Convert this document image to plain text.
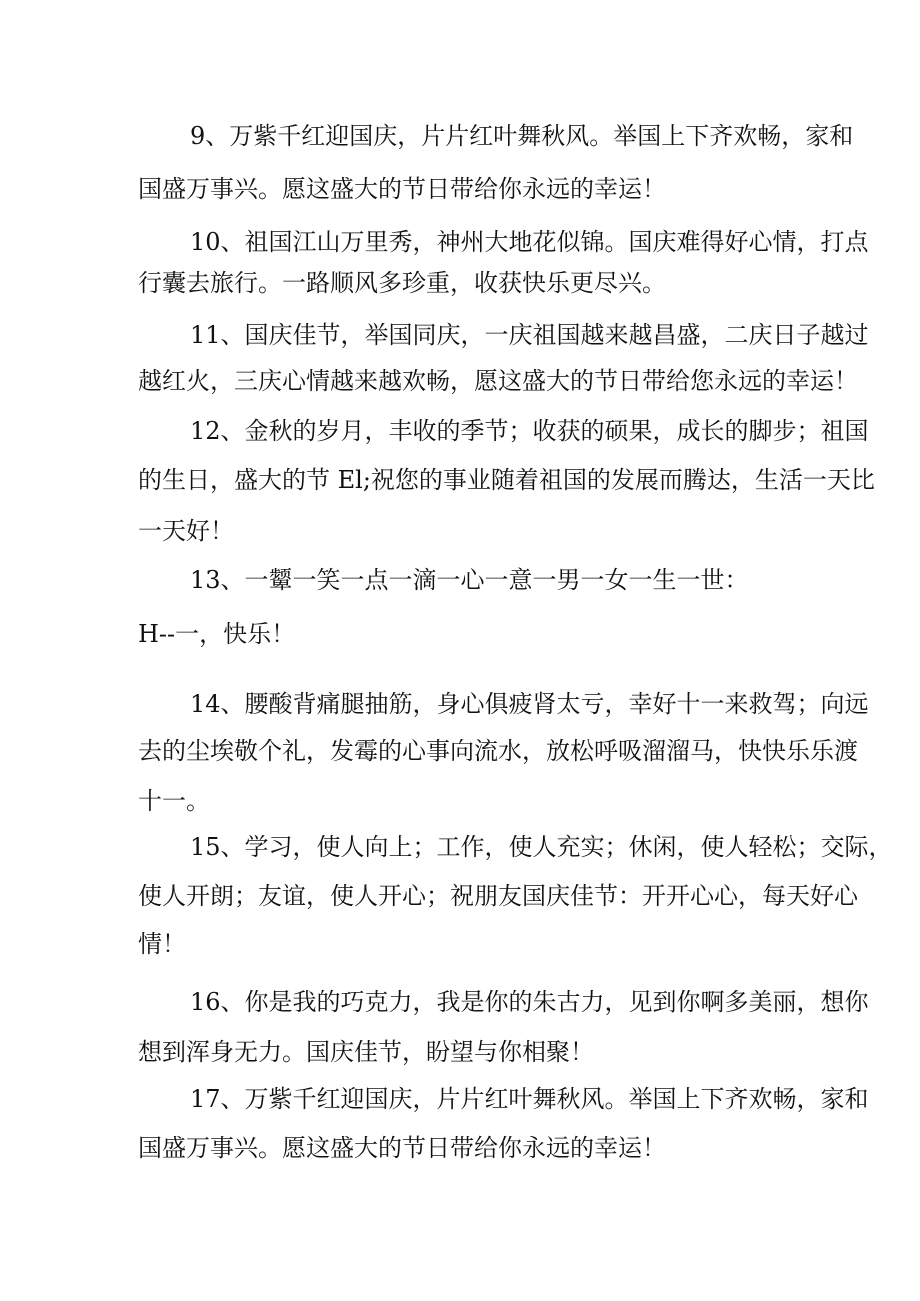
9、万紫千红迎国庆，片片红叶舞秋风。举国上下齐欢畅，家和
国盛万事兴。愿这盛大的节日带给你永远的幸运！
10、祖国江山万里秀，神州大地花似锦。国庆难得好心情，打点
行囊去旅行。一路顺风多珍重，收获快乐更尽兴。
11、国庆佳节，举国同庆，一庆祖国越来越昌盛，二庆日子越过
越红火，三庆心情越来越欢畅，愿这盛大的节日带给您永远的幸运！
12、金秋的岁月，丰收的季节；收获的硕果，成长的脚步；祖国
的生日，盛大的节 El;祝您的事业随着祖国的发展而腾达，生活一天比
一天好！
13、一颦一笑一点一滴一心一意一男一女一生一世：
H--一，快乐！
14、腰酸背痛腿抽筋，身心俱疲肾太亏，幸好十一来救驾；向远
去的尘埃敬个礼，发霉的心事向流水，放松呼吸溜溜马，快快乐乐渡
十一。
15、学习，使人向上；工作，使人充实；休闲，使人轻松；交际，
使人开朗；友谊，使人开心；祝朋友国庆佳节：开开心心，每天好心
情！
16、你是我的巧克力，我是你的朱古力，见到你啊多美丽，想你
想到浑身无力。国庆佳节，盼望与你相聚！
17、万紫千红迎国庆，片片红叶舞秋风。举国上下齐欢畅，家和
国盛万事兴。愿这盛大的节日带给你永远的幸运！
